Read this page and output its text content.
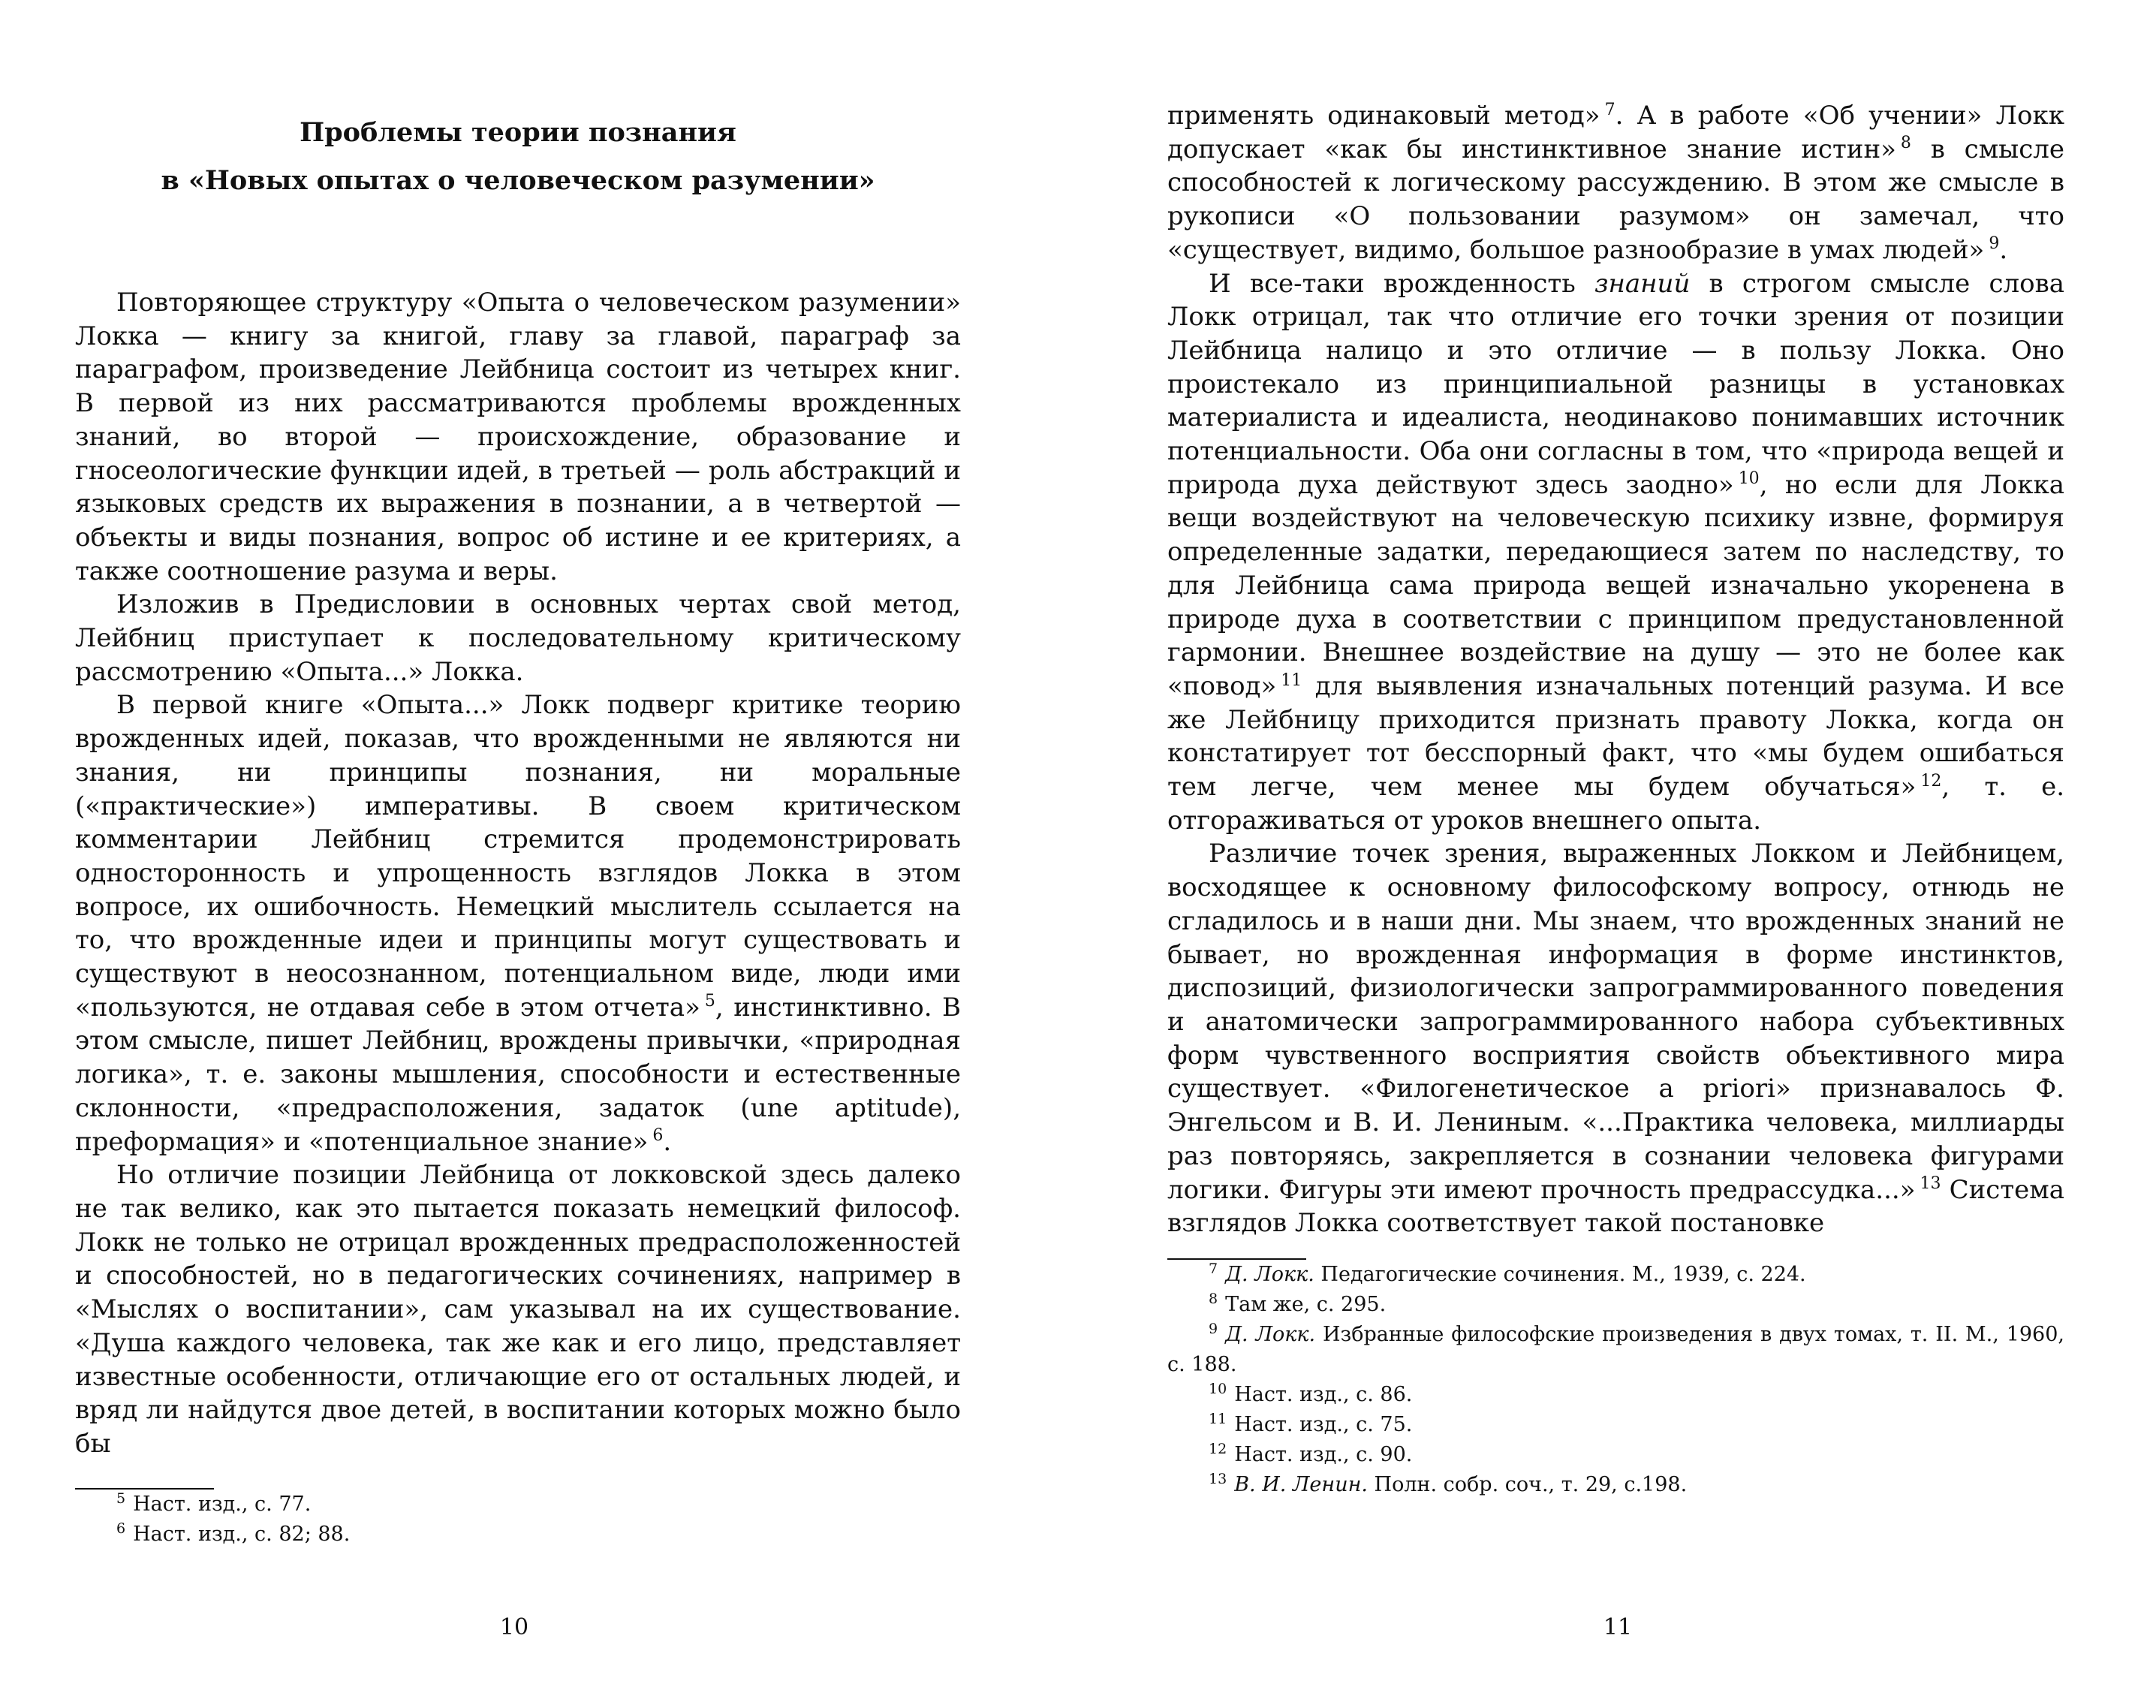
Проблемы теории познания
в «Новых опытах о человеческом разумении»

Повторяющее структуру «Опыта о человеческом разумении» Локка — книгу за книгой, главу за главой, параграф за параграфом, произведение Лейбница состоит из четырех книг. В первой из них рассматриваются проблемы врожденных знаний, во второй — происхождение, образование и гносеологические функции идей, в третьей — роль абстракций и языковых средств их выражения в познании, а в четвертой — объекты и виды познания, вопрос об истине и ее критериях, а также соотношение разума и веры.

Изложив в Предисловии в основных чертах свой метод, Лейбниц приступает к последовательному критическому рассмотрению «Опыта...» Локка.

В первой книге «Опыта...» Локк подверг критике теорию врожденных идей, показав, что врожденными не являются ни знания, ни принципы познания, ни моральные («практические») императивы. В своем критическом комментарии Лейбниц стремится продемонстрировать односторонность и упрощенность взглядов Локка в этом вопросе, их ошибочность. Немецкий мыслитель ссылается на то, что врожденные идеи и принципы могут существовать и существуют в неосознанном, потенциальном виде, люди ими «пользуются, не отдавая себе в этом отчета» $^5$, инстинктивно. В этом смысле, пишет Лейбниц, врождены привычки, «природная логика», т. е. законы мышления, способности и естественные склонности, «предрасположения, задаток (une aptitude), преформация» и «потенциальное знание» $^6$.

Но отличие позиции Лейбница от локковской здесь далеко не так велико, как это пытается показать немецкий философ. Локк не только не отрицал врожденных предрасположенностей и способностей, но в педагогических сочинениях, например в «Мыслях о воспитании», сам указывал на их существование. «Душа каждого человека, так же как и его лицо, представляет известные особенности, отличающие его от остальных людей, и вряд ли найдутся двое детей, в воспитании которых можно было бы

$^5$ Наст. изд., с. 77.

$^6$ Наст. изд., с. 82; 88.

10

применять одинаковый метод» $^7$. А в работе «Об учении» Локк допускает «как бы инстинктивное знание истин» $^8$ в смысле способностей к логическому рассуждению. В этом же смысле в рукописи «О пользовании разумом» он замечал, что «существует, видимо, большое разнообразие в умах людей» $^9$.

И все-таки врожденность знаний в строгом смысле слова Локк отрицал, так что отличие его точки зрения от позиции Лейбница налицо и это отличие — в пользу Локка. Оно проистекало из принципиальной разницы в установках материалиста и идеалиста, неодинаково понимавших источник потенциальности. Оба они согласны в том, что «природа вещей и природа духа действуют здесь заодно» $^{10}$, но если для Локка вещи воздействуют на человеческую психику извне, формируя определенные задатки, передающиеся затем по наследству, то для Лейбница сама природа вещей изначально укоренена в природе духа в соответствии с принципом предустановленной гармонии. Внешнее воздействие на душу — это не более как «повод» $^{11}$ для выявления изначальных потенций разума. И все же Лейбницу приходится признать правоту Локка, когда он констатирует тот бесспорный факт, что «мы будем ошибаться тем легче, чем менее мы будем обучаться» $^{12}$, т. е. отгораживаться от уроков внешнего опыта.

Различие точек зрения, выраженных Локком и Лейбницем, восходящее к основному философскому вопросу, отнюдь не сгладилось и в наши дни. Мы знаем, что врожденных знаний не бывает, но врожденная информация в форме инстинктов, диспозиций, физиологически запрограммированного поведения и анатомически запрограммированного набора субъективных форм чувственного восприятия свойств объективного мира существует. «Филогенетическое a priori» признавалось Ф. Энгельсом и В. И. Лениным. «...Практика человека, миллиарды раз повторяясь, закрепляется в сознании человека фигурами логики. Фигуры эти имеют прочность предрассудка...» $^{13}$ Система взглядов Локка соответствует такой постановке

$^7$ Д. Локк. Педагогические сочинения. М., 1939, с. 224.

$^8$ Там же, с. 295.

$^9$ Д. Локк. Избранные философские произведения в двух томах, т. II. М., 1960, с. 188.

$^{10}$ Наст. изд., с. 86.

$^{11}$ Наст. изд., с. 75.

$^{12}$ Наст. изд., с. 90.

$^{13}$ В. И. Ленин. Полн. собр. соч., т. 29, с.198.

11
